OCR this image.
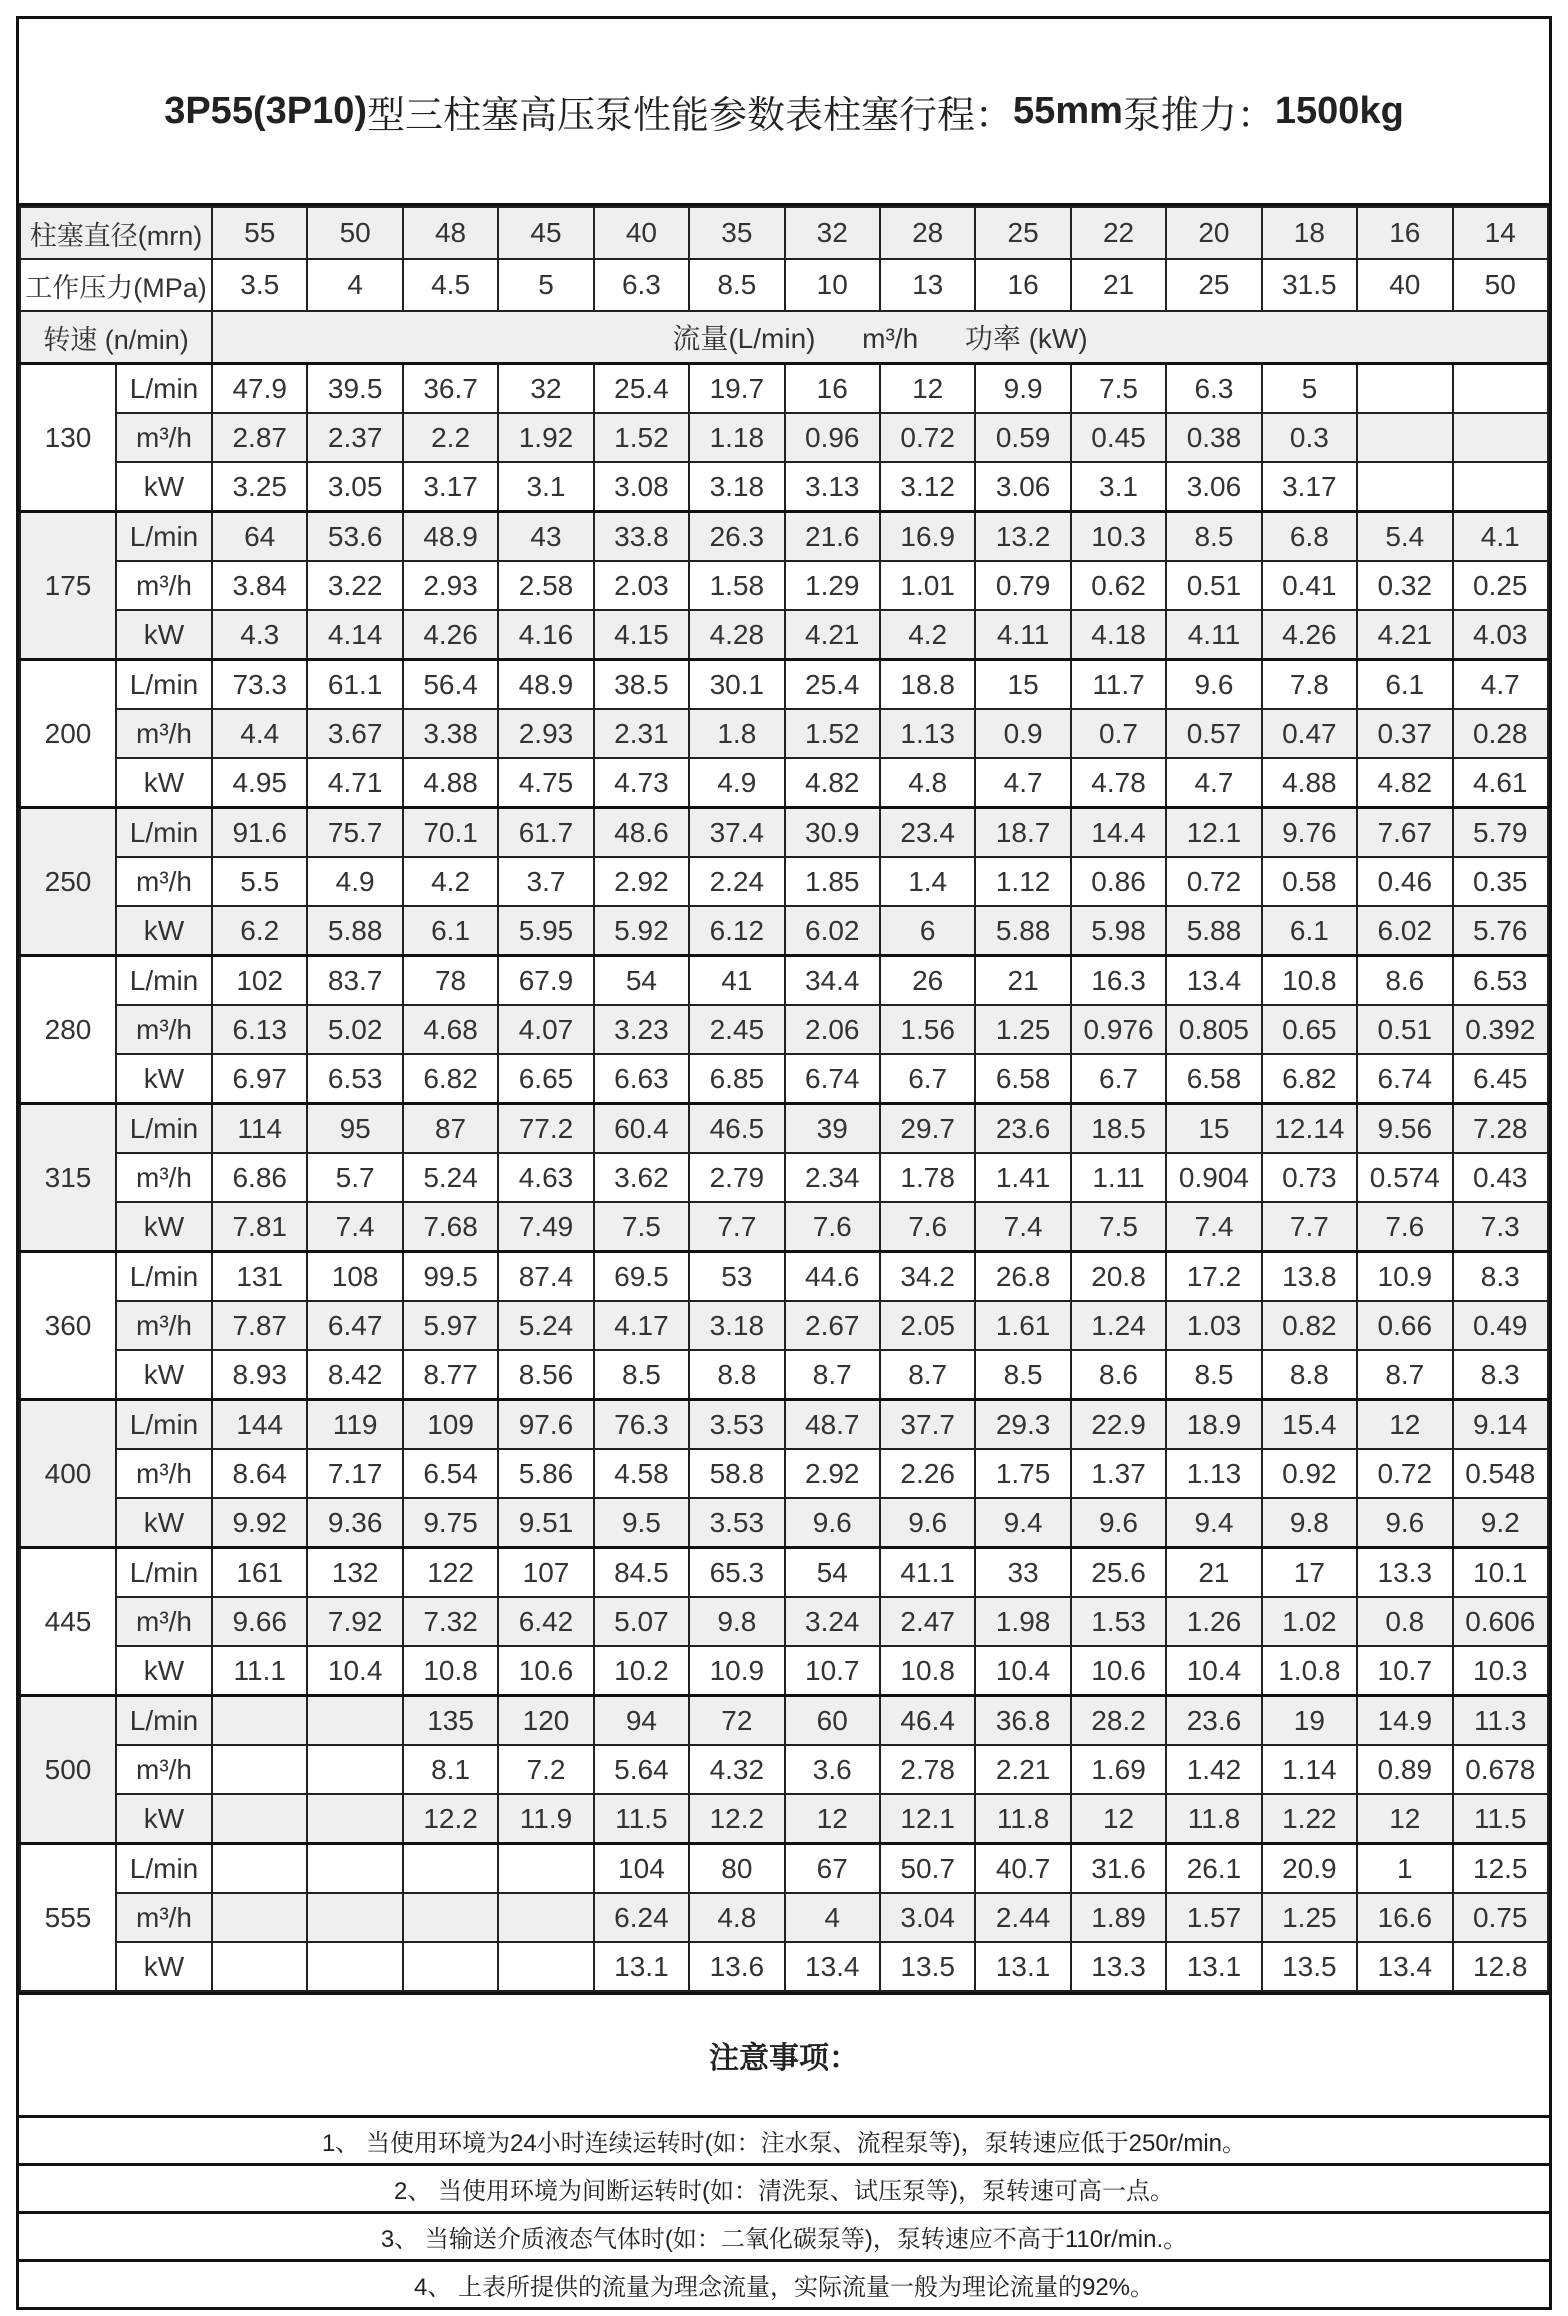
3P55(3P10) 型三柱塞高压泵性能参数表 柱塞行程： 55mm 泵推力： 1500kg
柱塞直径(mrn)		55	50	48	45	40	35	32	28	25	22	20	18	16	14
工作压力(MPa)		3.5	4	4.5	5	6.3	8.5	10	13	16	21	25	31.5	40	50
转速 (n/min)		流量(L/min)      m³/h      功率 (kW)													
130	L/min	47.9	39.5	36.7	32	25.4	19.7	16	12	9.9	7.5	6.3	5		
	m³/h	2.87	2.37	2.2	1.92	1.52	1.18	0.96	0.72	0.59	0.45	0.38	0.3		
	kW	3.25	3.05	3.17	3.1	3.08	3.18	3.13	3.12	3.06	3.1	3.06	3.17		
175	L/min	64	53.6	48.9	43	33.8	26.3	21.6	16.9	13.2	10.3	8.5	6.8	5.4	4.1
	m³/h	3.84	3.22	2.93	2.58	2.03	1.58	1.29	1.01	0.79	0.62	0.51	0.41	0.32	0.25
	kW	4.3	4.14	4.26	4.16	4.15	4.28	4.21	4.2	4.11	4.18	4.11	4.26	4.21	4.03
200	L/min	73.3	61.1	56.4	48.9	38.5	30.1	25.4	18.8	15	11.7	9.6	7.8	6.1	4.7
	m³/h	4.4	3.67	3.38	2.93	2.31	1.8	1.52	1.13	0.9	0.7	0.57	0.47	0.37	0.28
	kW	4.95	4.71	4.88	4.75	4.73	4.9	4.82	4.8	4.7	4.78	4.7	4.88	4.82	4.61
250	L/min	91.6	75.7	70.1	61.7	48.6	37.4	30.9	23.4	18.7	14.4	12.1	9.76	7.67	5.79
	m³/h	5.5	4.9	4.2	3.7	2.92	2.24	1.85	1.4	1.12	0.86	0.72	0.58	0.46	0.35
	kW	6.2	5.88	6.1	5.95	5.92	6.12	6.02	6	5.88	5.98	5.88	6.1	6.02	5.76
280	L/min	102	83.7	78	67.9	54	41	34.4	26	21	16.3	13.4	10.8	8.6	6.53
	m³/h	6.13	5.02	4.68	4.07	3.23	2.45	2.06	1.56	1.25	0.976	0.805	0.65	0.51	0.392
	kW	6.97	6.53	6.82	6.65	6.63	6.85	6.74	6.7	6.58	6.7	6.58	6.82	6.74	6.45
315	L/min	114	95	87	77.2	60.4	46.5	39	29.7	23.6	18.5	15	12.14	9.56	7.28
	m³/h	6.86	5.7	5.24	4.63	3.62	2.79	2.34	1.78	1.41	1.11	0.904	0.73	0.574	0.43
	kW	7.81	7.4	7.68	7.49	7.5	7.7	7.6	7.6	7.4	7.5	7.4	7.7	7.6	7.3
360	L/min	131	108	99.5	87.4	69.5	53	44.6	34.2	26.8	20.8	17.2	13.8	10.9	8.3
	m³/h	7.87	6.47	5.97	5.24	4.17	3.18	2.67	2.05	1.61	1.24	1.03	0.82	0.66	0.49
	kW	8.93	8.42	8.77	8.56	8.5	8.8	8.7	8.7	8.5	8.6	8.5	8.8	8.7	8.3
400	L/min	144	119	109	97.6	76.3	3.53	48.7	37.7	29.3	22.9	18.9	15.4	12	9.14
	m³/h	8.64	7.17	6.54	5.86	4.58	58.8	2.92	2.26	1.75	1.37	1.13	0.92	0.72	0.548
	kW	9.92	9.36	9.75	9.51	9.5	3.53	9.6	9.6	9.4	9.6	9.4	9.8	9.6	9.2
445	L/min	161	132	122	107	84.5	65.3	54	41.1	33	25.6	21	17	13.3	10.1
	m³/h	9.66	7.92	7.32	6.42	5.07	9.8	3.24	2.47	1.98	1.53	1.26	1.02	0.8	0.606
	kW	11.1	10.4	10.8	10.6	10.2	10.9	10.7	10.8	10.4	10.6	10.4	1.0.8	10.7	10.3
500	L/min			135	120	94	72	60	46.4	36.8	28.2	23.6	19	14.9	11.3
	m³/h			8.1	7.2	5.64	4.32	3.6	2.78	2.21	1.69	1.42	1.14	0.89	0.678
	kW			12.2	11.9	11.5	12.2	12	12.1	11.8	12	11.8	1.22	12	11.5
555	L/min					104	80	67	50.7	40.7	31.6	26.1	20.9	1	12.5
	m³/h					6.24	4.8	4	3.04	2.44	1.89	1.57	1.25	16.6	0.75
	kW					13.1	13.6	13.4	13.5	13.1	13.3	13.1	13.5	13.4	12.8
注意事项：
1、 当使用环境为24小时连续运转时(如：注水泵、流程泵等)，泵转速应低于250r/min。
2、 当使用环境为间断运转时(如：清洗泵、试压泵等)，泵转速可高一点。
3、 当输送介质液态气体时(如：二氧化碳泵等)，泵转速应不高于110r/min.。
4、 上表所提供的流量为理念流量，实际流量一般为理论流量的92%。
